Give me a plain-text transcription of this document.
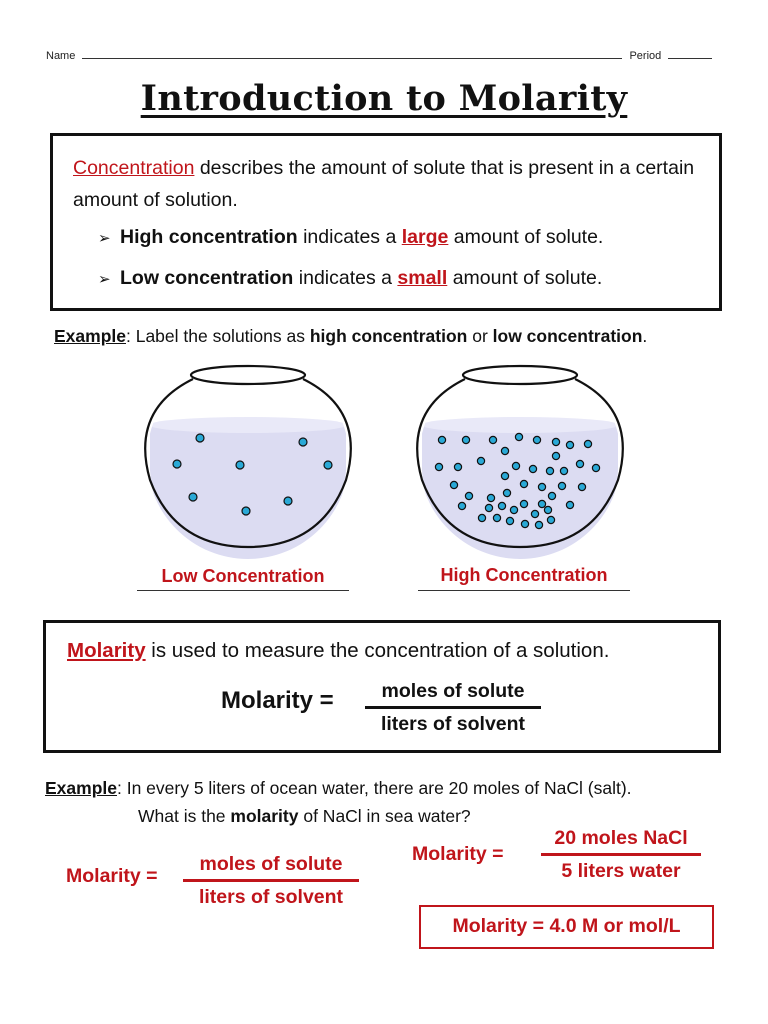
Name	Period
Introduction to Molarity
Concentration describes the amount of solute that is present in a certain amount of solution.
➢ High concentration indicates a large amount of solute.
➢ Low concentration indicates a small amount of solute.
Example: Label the solutions as high concentration or low concentration.
Low Concentration	High Concentration
Molarity is used to measure the concentration of a solution.
Molarity =	moles of solute
liters of solvent
Example: In every 5 liters of ocean water, there are 20 moles of NaCl (salt).
What is the molarity of NaCl in sea water?
Molarity =
moles of solute
liters of solvent
Molarity =
20 moles NaCl
5 liters water
Molarity = 4.0 M or mol/L
